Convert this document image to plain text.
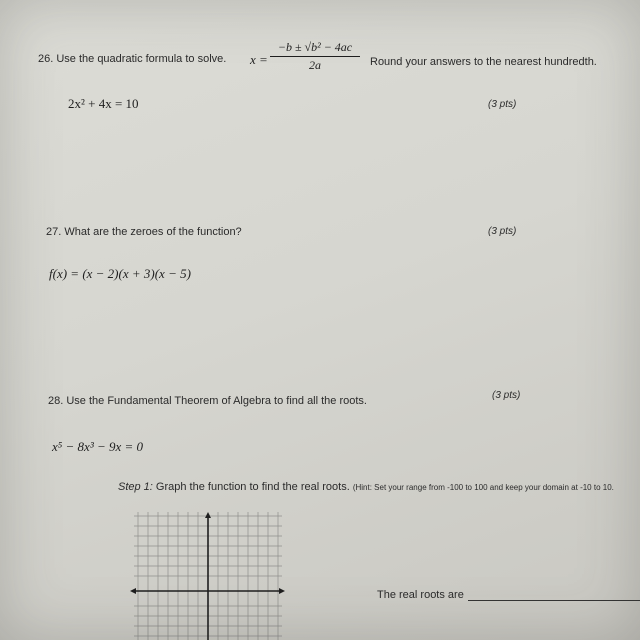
26. Use the quadratic formula to solve. $x = \frac{\text{−b ± √b² − 4ac}}{2a}$ Round your answers to the nearest hundredth.
2x² + 4x = 10	(3 pts)
27. What are the zeroes of the function?	(3 pts)
f(x) = (x − 2)(x + 3)(x − 5)
28. Use the Fundamental Theorem of Algebra to find all the roots.	(3 pts)
x⁵ − 8x³ − 9x = 0
Step 1: Graph the function to find the real roots. (Hint: Set your range from -100 to 100 and keep your domain at -10 to 10.
The real roots are
